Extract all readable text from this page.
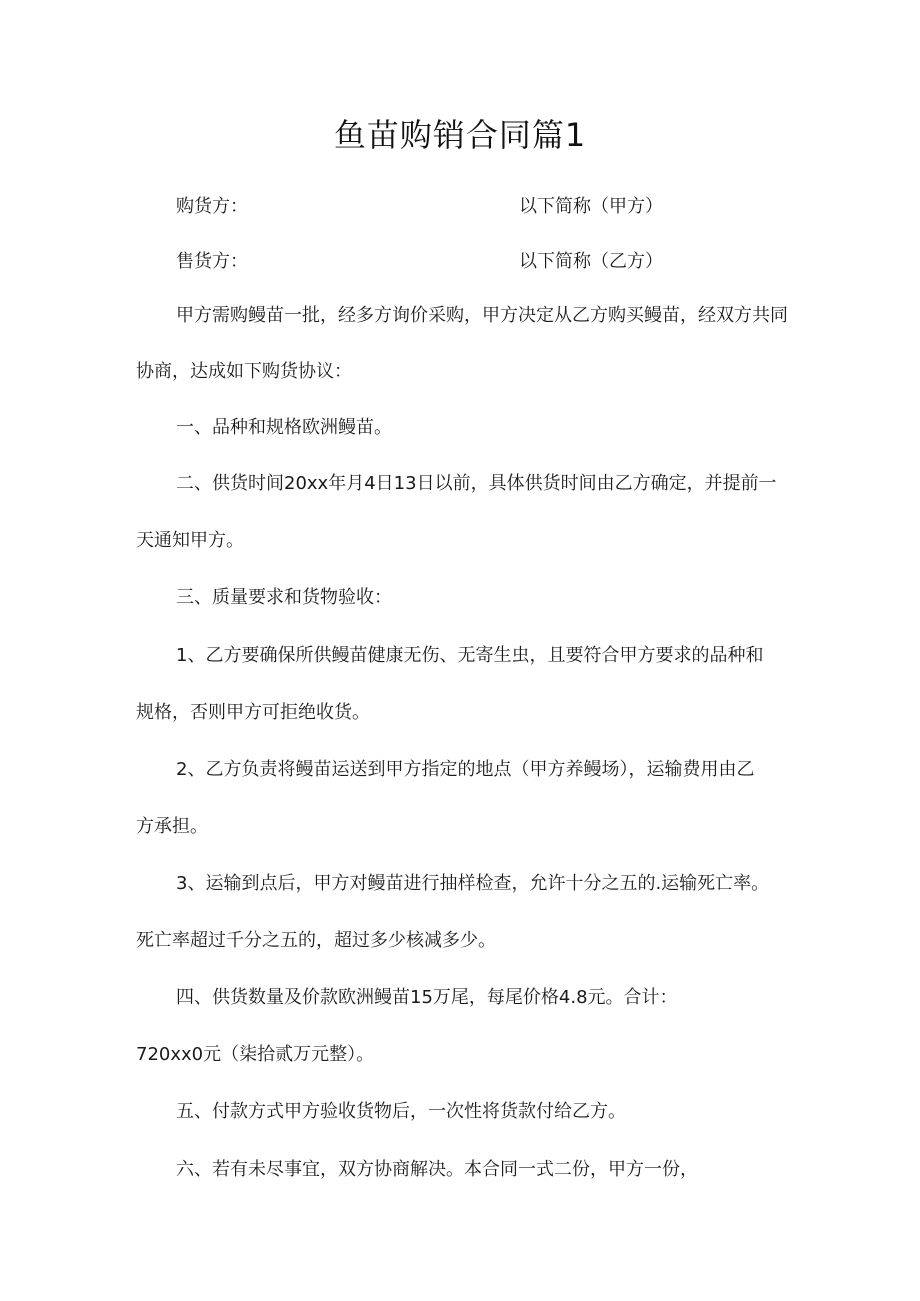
鱼苗购销合同篇1
购货方：	以下简称（甲方）
售货方：	以下简称（乙方）
甲方需购鳗苗一批，经多方询价采购，甲方决定从乙方购买鳗苗，经双方共同
协商，达成如下购货协议：
一、品种和规格欧洲鳗苗。
二、供货时间20xx年月4日13日以前，具体供货时间由乙方确定，并提前一
天通知甲方。
三、质量要求和货物验收：
1、乙方要确保所供鳗苗健康无伤、无寄生虫，且要符合甲方要求的品种和
规格，否则甲方可拒绝收货。
2、乙方负责将鳗苗运送到甲方指定的地点（甲方养鳗场），运输费用由乙
方承担。
3、运输到点后，甲方对鳗苗进行抽样检查，允许十分之五的.运输死亡率。
死亡率超过千分之五的，超过多少核减多少。
四、供货数量及价款欧洲鳗苗15万尾，每尾价格4.8元。合计：
720xx0元（柒拾贰万元整）。
五、付款方式甲方验收货物后，一次性将货款付给乙方。
六、若有未尽事宜，双方协商解决。本合同一式二份，甲方一份，
